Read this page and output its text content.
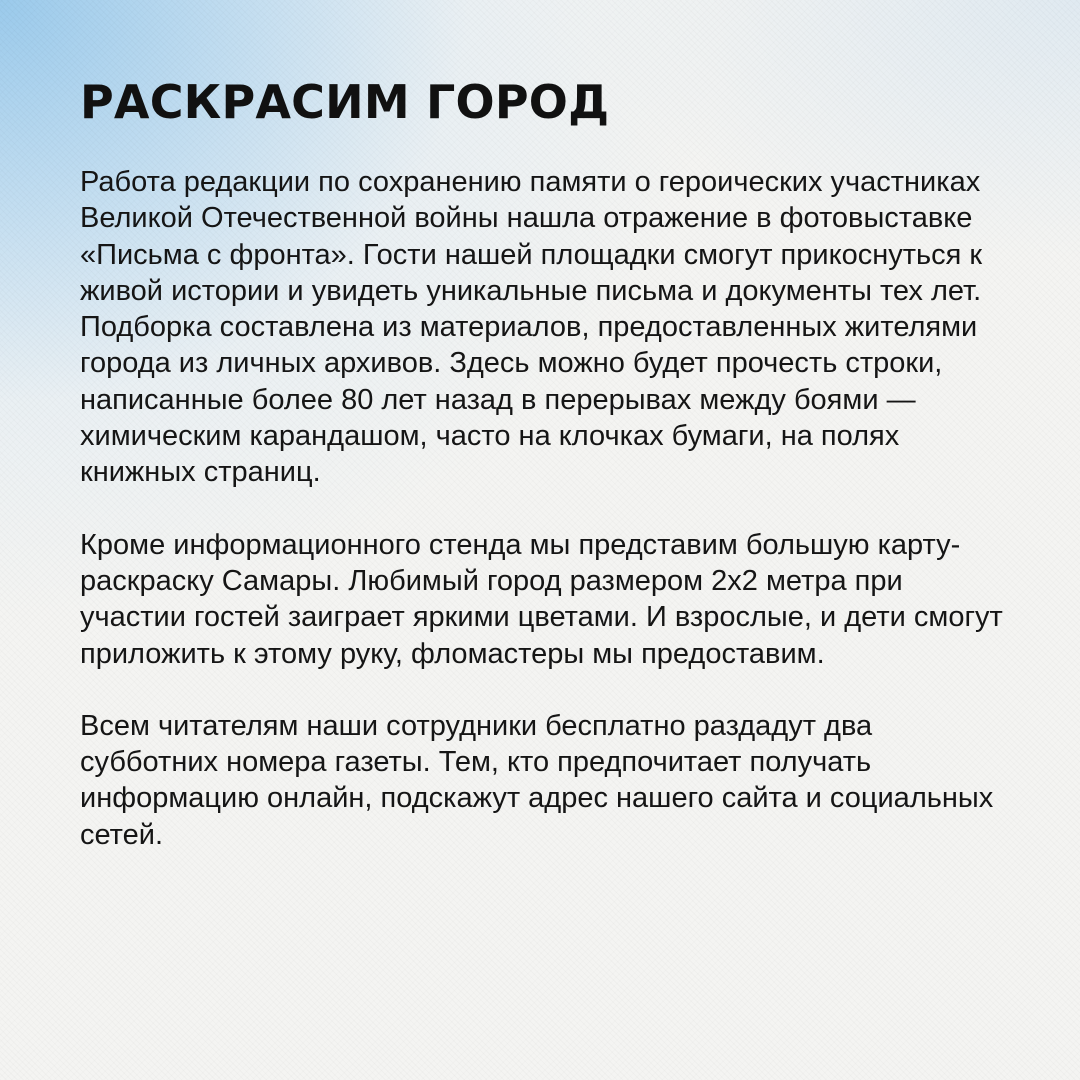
РАСКРАСИМ ГОРОД

Работа редакции по сохранению памяти о героических участниках Великой Отечественной войны нашла отражение в фотовыставке «Письма с фронта». Гости нашей площадки смогут прикоснуться к живой истории и увидеть уникальные письма и документы тех лет. Подборка составлена из материалов, предоставленных жителями города из личных архивов. Здесь можно будет прочесть строки, написанные более 80 лет назад в перерывах между боями — химическим карандашом, часто на клочках бумаги, на полях книжных страниц.

Кроме информационного стенда мы представим большую карту-раскраску Самары. Любимый город размером 2х2 метра при участии гостей заиграет яркими цветами. И взрослые, и дети смогут приложить к этому руку, фломастеры мы предоставим.

Всем читателям наши сотрудники бесплатно раздадут два субботних номера газеты. Тем, кто предпочитает получать информацию онлайн, подскажут адрес нашего сайта и социальных сетей.
